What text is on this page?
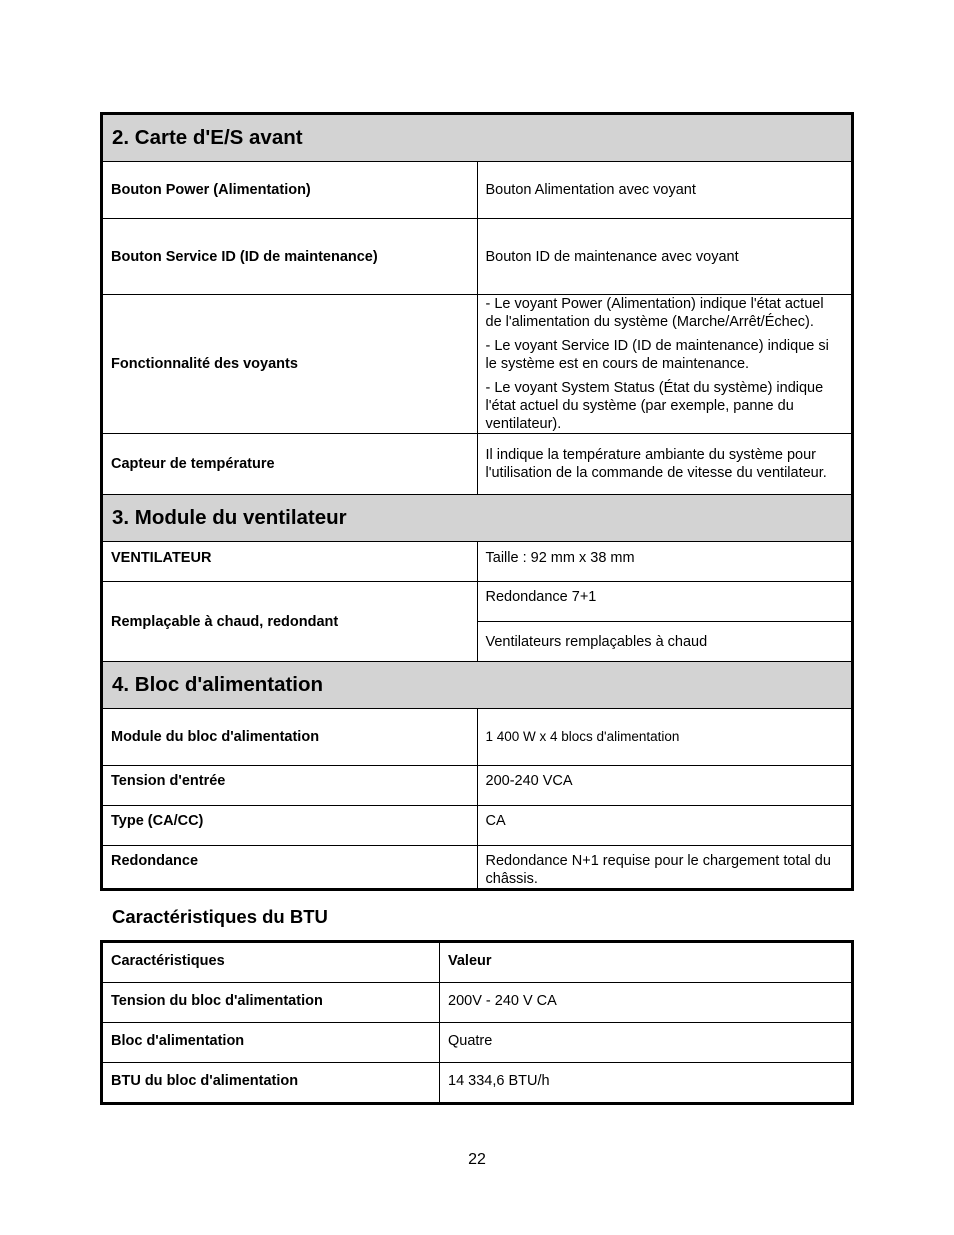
2. Carte d'E/S avant	
Bouton Power (Alimentation)	Bouton Alimentation avec voyant
Bouton Service ID (ID de maintenance)	Bouton ID de maintenance avec voyant
Fonctionnalité des voyants	- Le voyant Power (Alimentation) indique l'état actuel de l'alimentation du système (Marche/Arrêt/Échec).

- Le voyant Service ID (ID de maintenance) indique si le système est en cours de maintenance.

- Le voyant System Status (État du système) indique l'état actuel du système (par exemple, panne du ventilateur).

Capteur de température	Il indique la température ambiante du système pour l'utilisation de la commande de vitesse du ventilateur.
3. Module du ventilateur	
VENTILATEUR	Taille : 92 mm x 38 mm
Remplaçable à chaud, redondant	Redondance 7+1
	Ventilateurs remplaçables à chaud
4. Bloc d'alimentation	
Module du bloc d'alimentation	1 400 W x 4 blocs d'alimentation
Tension d'entrée	200-240 VCA
Type (CA/CC)	CA
Redondance	Redondance N+1 requise pour le chargement total du châssis.
Caractéristiques du BTU
Caractéristiques	Valeur
Tension du bloc d'alimentation	200V - 240 V CA
Bloc d'alimentation	Quatre
BTU du bloc d'alimentation	14 334,6 BTU/h

22
